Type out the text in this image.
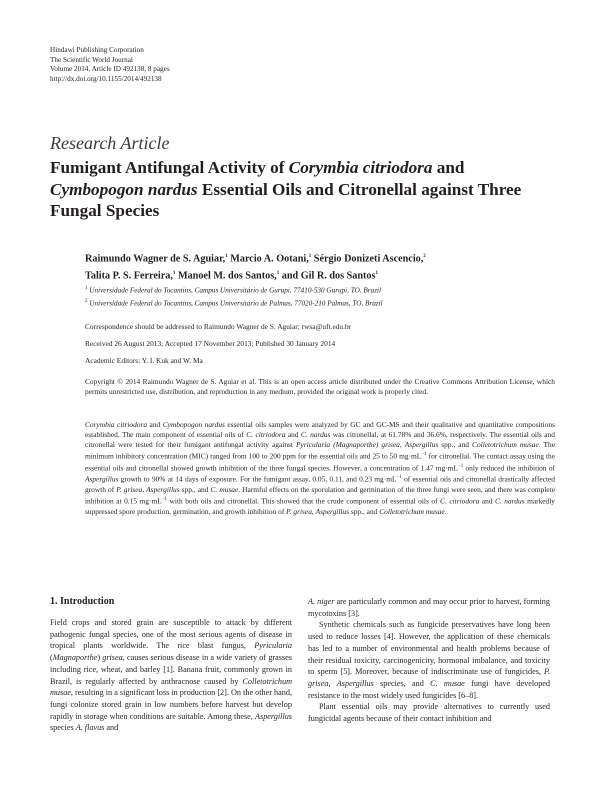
Hindawi Publishing Corporation
The Scientific World Journal
Volume 2014, Article ID 492138, 8 pages
http://dx.doi.org/10.1155/2014/492138
Research Article
Fumigant Antifungal Activity of Corymbia citriodora and Cymbopogon nardus Essential Oils and Citronellal against Three Fungal Species
Raimundo Wagner de S. Aguiar,$^1$ Marcio A. Ootani,$^1$ Sérgio Donizeti Ascencio,$^2$
Talita P. S. Ferreira,$^1$ Manoel M. dos Santos,$^1$ and Gil R. dos Santos$^1$
$^1$ Universidade Federal do Tocantins, Campus Universitário de Gurupi, 77410-530 Gurupi, TO, Brazil
$^2$ Universidade Federal do Tocantins, Campus Universitário de Palmas, 77020-210 Palmas, TO, Brazil
Correspondence should be addressed to Raimundo Wagner de S. Aguiar; rwsa@uft.edu.br
Received 26 August 2013; Accepted 17 November 2013; Published 30 January 2014
Academic Editors: Y. I. Kuk and W. Ma
Copyright © 2014 Raimundo Wagner de S. Aguiar et al. This is an open access article distributed under the Creative Commons Attribution License, which permits unrestricted use, distribution, and reproduction in any medium, provided the original work is properly cited.
Corymbia citriodora and Cymbopogon nardus essential oils samples were analyzed by GC and GC-MS and their qualitative and quantitative compositions established. The main component of essential oils of C. citriodora and C. nardus was citronellal, at 61.78% and 36.6%, respectively. The essential oils and citronellal were tested for their fumigant antifungal activity against Pyricularia (Magnaporthe) grisea, Aspergillus spp., and Colletotrichum musae. The minimum inhibitory concentration (MIC) ranged from 100 to 200 ppm for the essential oils and 25 to 50 $mg\cdot mL^{-1}$ for citronellal. The contact assay using the essential oils and citronellal showed growth inhibition of the three fungal species. However, a concentration of 1.47 $mg\cdot mL^{-1}$ only reduced the inhibition of Aspergillus growth to 90% at 14 days of exposure. For the fumigant assay, 0.05, 0.11, and 0.23 $mg\cdot mL^{-1}$ of essential oils and citronellal drastically affected growth of P. grisea, Aspergillus spp., and C. musae. Harmful effects on the sporulation and germination of the three fungi were seen, and there was complete inhibition at 0.15 $mg\cdot mL^{-1}$ with both oils and citronellal. This showed that the crude component of essential oils of C. citriodora and C. nardus markedly suppressed spore production, germination, and growth inhibition of P. grisea, Aspergillus spp., and Colletotrichum musae.
1. Introduction

Field crops and stored grain are susceptible to attack by different pathogenic fungal species, one of the most serious agents of disease in tropical plants worldwide. The rice blast fungus, Pyricularia (Magnaporthe) grisea, causes serious disease in a wide variety of grasses including rice, wheat, and barley [1]. Banana fruit, commonly grown in Brazil, is regularly affected by anthracnose caused by Colletotrichum musae, resulting in a significant loss in production [2]. On the other hand, fungi colonize stored grain in low numbers before harvest but develop rapidly in storage when conditions are suitable. Among these, Aspergillus species A. flavus and

A. niger are particularly common and may occur prior to harvest, forming mycotoxins [3].

Synthetic chemicals such as fungicide preservatives have long been used to reduce losses [4]. However, the application of these chemicals has led to a number of environmental and health problems because of their residual toxicity, carcinogenicity, hormonal imbalance, and toxicity to sperm [5]. Moreover, because of indiscriminate use of fungicides, P. grisea, Aspergillus species, and C. musae fungi have developed resistance to the most widely used fungicides [6–8].

Plant essential oils may provide alternatives to currently used fungicidal agents because of their contact inhibition and
